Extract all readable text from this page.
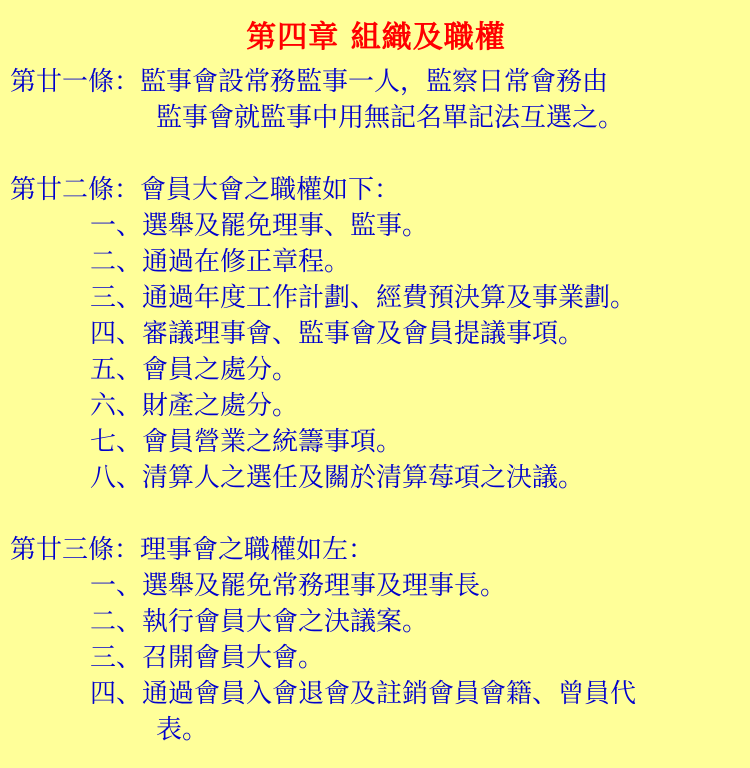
第四章 組織及職權
第廿一條：監事會設常務監事一人，監察日常會務由
監事會就監事中用無記名單記法互選之。
第廿二條：會員大會之職權如下：
一、選舉及罷免理事、監事。
二、通過在修正章程。
三、通過年度工作計劃、經費預決算及事業劃。
四、審議理事會、監事會及會員提議事項。
五、會員之處分。
六、財產之處分。
七、會員營業之統籌事項。
八、清算人之選任及關於清算莓項之決議。
第廿三條：理事會之職權如左：
一、選舉及罷免常務理事及理事長。
二、執行會員大會之決議案。
三、召開會員大會。
四、通過會員入會退會及註銷會員會籍、曾員代
表。
